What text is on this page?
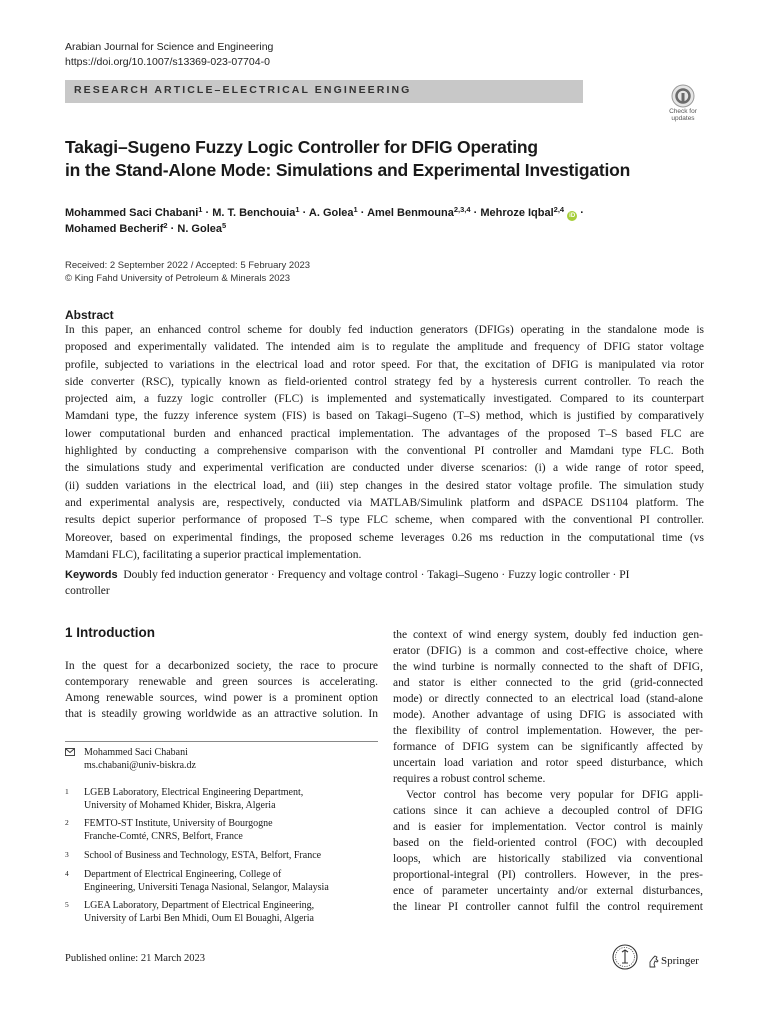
Arabian Journal for Science and Engineering
https://doi.org/10.1007/s13369-023-07704-0
RESEARCH ARTICLE–ELECTRICAL ENGINEERING
Check for
updates
Takagi–Sugeno Fuzzy Logic Controller for DFIG Operating
in the Stand-Alone Mode: Simulations and Experimental Investigation
Mohammed Saci Chabani$^1$ · M. T. Benchouia$^1$ · A. Golea$^1$ · Amel Benmouna$^{2,3,4}$ · Mehroze Iqbal$^{2,4}$ iD ·
Mohamed Becherif$^2$ · N. Golea$^5$
Received: 2 September 2022 / Accepted: 5 February 2023
© King Fahd University of Petroleum & Minerals 2023
Abstract
In this paper, an enhanced control scheme for doubly fed induction generators (DFIGs) operating in the standalone mode is
proposed and experimentally validated. The intended aim is to regulate the amplitude and frequency of DFIG stator voltage
profile, subjected to variations in the electrical load and rotor speed. For that, the excitation of DFIG is manipulated via rotor
side converter (RSC), typically known as field-oriented control strategy fed by a hysteresis current controller. To reach the
projected aim, a fuzzy logic controller (FLC) is implemented and systematically investigated. Compared to its counterpart
Mamdani type, the fuzzy inference system (FIS) is based on Takagi–Sugeno (T–S) method, which is justified by comparatively
lower computational burden and enhanced practical implementation. The advantages of the proposed T–S based FLC are
highlighted by conducting a comprehensive comparison with the conventional PI controller and Mamdani type FLC. Both
the simulations study and experimental verification are conducted under diverse scenarios: (i) a wide range of rotor speed,
(ii) sudden variations in the electrical load, and (iii) step changes in the desired stator voltage profile. The simulation study
and experimental analysis are, respectively, conducted via MATLAB/Simulink platform and dSPACE DS1104 platform. The
results depict superior performance of proposed T–S type FLC scheme, when compared with the conventional PI controller.
Moreover, based on experimental findings, the proposed scheme leverages 0.26 ms reduction in the computational time (vs
Mamdani FLC), facilitating a superior practical implementation.
Keywords Doubly fed induction generator · Frequency and voltage control · Takagi–Sugeno · Fuzzy logic controller · PI
controller
1 Introduction
In the quest for a decarbonized society, the race to procure
contemporary renewable and green sources is accelerating.
Among renewable sources, wind power is a prominent option
that is steadily growing worldwide as an attractive solution. In
the context of wind energy system, doubly fed induction gen-
erator (DFIG) is a common and cost-effective choice, where
the wind turbine is normally connected to the shaft of DFIG,
and stator is either connected to the grid (grid-connected
mode) or directly connected to an electrical load (stand-alone
mode). Another advantage of using DFIG is associated with
the flexibility of control implementation. However, the per-
formance of DFIG system can be significantly affected by
uncertain load variation and rotor speed disturbance, which
requires a robust control scheme.
Vector control has become very popular for DFIG appli-
cations since it can achieve a decoupled control of DFIG
and is easier for implementation. Vector control is mainly
based on the field-oriented control (FOC) with decoupled
loops, which are historically stabilized via conventional
proportional-integral (PI) controllers. However, in the pres-
ence of parameter uncertainty and/or external disturbances,
the linear PI controller cannot fulfil the control requirement
Mohammed Saci Chabani
ms.chabani@univ-biskra.dz
1 LGEB Laboratory, Electrical Engineering Department,
University of Mohamed Khider, Biskra, Algeria
2 FEMTO-ST Institute, University of Bourgogne
Franche-Comté, CNRS, Belfort, France
3 School of Business and Technology, ESTA, Belfort, France
4 Department of Electrical Engineering, College of
Engineering, Universiti Tenaga Nasional, Selangor, Malaysia
5 LGEA Laboratory, Department of Electrical Engineering,
University of Larbi Ben Mhidi, Oum El Bouaghi, Algeria
Published online: 21 March 2023	Springer
